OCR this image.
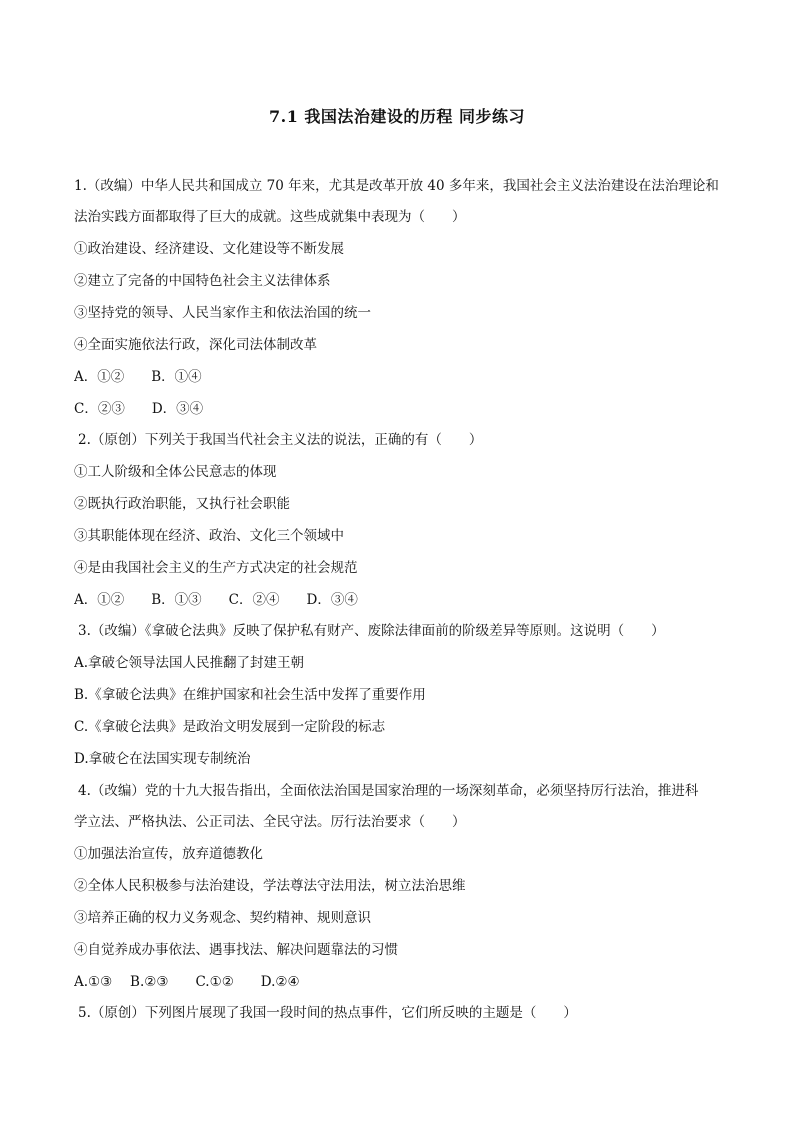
7.1 我国法治建设的历程 同步练习
1.（改编）中华人民共和国成立 70 年来，尤其是改革开放 40 多年来，我国社会主义法治建设在法治理论和
法治实践方面都取得了巨大的成就。这些成就集中表现为（　　）
①政治建设、经济建设、文化建设等不断发展
②建立了完备的中国特色社会主义法律体系
③坚持党的领导、人民当家作主和依法治国的统一
④全面实施依法行政，深化司法体制改革
A．①②　　B．①④
C．②③　　D．③④
2.（原创）下列关于我国当代社会主义法的说法，正确的有（　　）
①工人阶级和全体公民意志的体现
②既执行政治职能，又执行社会职能
③其职能体现在经济、政治、文化三个领域中
④是由我国社会主义的生产方式决定的社会规范
A．①②　　B．①③　　C．②④　　D．③④
3.（改编）《拿破仑法典》反映了保护私有财产、废除法律面前的阶级差异等原则。这说明（　　）
A.拿破仑领导法国人民推翻了封建王朝
B.《拿破仑法典》在维护国家和社会生活中发挥了重要作用
C.《拿破仑法典》是政治文明发展到一定阶段的标志
D.拿破仑在法国实现专制统治
4.（改编）党的十九大报告指出，全面依法治国是国家治理的一场深刻革命，必须坚持厉行法治，推进科
学立法、严格执法、公正司法、全民守法。厉行法治要求（　　）
①加强法治宣传，放弃道德教化
②全体人民积极参与法治建设，学法尊法守法用法，树立法治思维
③培养正确的权力义务观念、契约精神、规则意识
④自觉养成办事依法、遇事找法、解决问题靠法的习惯
A.①③　 B.②③　　C.①②　　D.②④
5.（原创）下列图片展现了我国一段时间的热点事件，它们所反映的主题是（　　）
